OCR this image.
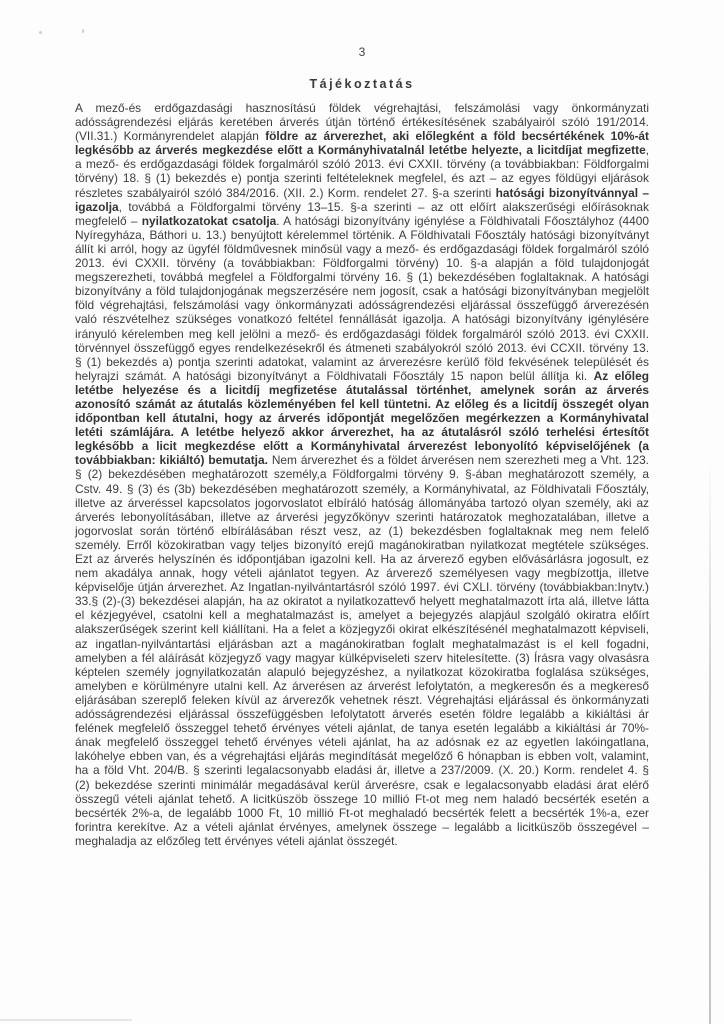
3
Tájékoztatás

A mező-és erdőgazdasági hasznosítású földek végrehajtási, felszámolási vagy önkormányzati adósságrendezési eljárás keretében árverés útján történő értékesítésének szabályairól szóló 191/2014. (VII.31.) Kormányrendelet alapján földre az árverezhet, aki előlegként a föld becsértékének 10%-át legkésőbb az árverés megkezdése előtt a Kormányhivatalnál letétbe helyezte, a licitdíjat megfizette, a mező- és erdőgazdasági földek forgalmáról szóló 2013. évi CXXII. törvény (a továbbiakban: Földforgalmi törvény) 18. § (1) bekezdés e) pontja szerinti feltételeknek megfelel, és azt – az egyes földügyi eljárások részletes szabályairól szóló 384/2016. (XII. 2.) Korm. rendelet 27. §-a szerinti hatósági bizonyítvánnyal – igazolja, továbbá a Földforgalmi törvény 13–15. §-a szerinti – az ott előírt alakszerűségi előírásoknak megfelelő – nyilatkozatokat csatolja. A hatósági bizonyítvány igénylése a Földhivatali Főosztályhoz (4400 Nyíregyháza, Báthori u. 13.) benyújtott kérelemmel történik. A Földhivatali Főosztály hatósági bizonyítványt állít ki arról, hogy az ügyfél földművesnek minősül vagy a mező- és erdőgazdasági földek forgalmáról szóló 2013. évi CXXII. törvény (a továbbiakban: Földforgalmi törvény) 10. §-a alapján a föld tulajdonjogát megszerezheti, továbbá megfelel a Földforgalmi törvény 16. § (1) bekezdésében foglaltaknak. A hatósági bizonyítvány a föld tulajdonjogának megszerzésére nem jogosít, csak a hatósági bizonyítványban megjelölt föld végrehajtási, felszámolási vagy önkormányzati adósságrendezési eljárással összefüggő árverezésén való részvételhez szükséges vonatkozó feltétel fennállását igazolja. A hatósági bizonyítvány igénylésére irányuló kérelemben meg kell jelölni a mező- és erdőgazdasági földek forgalmáról szóló 2013. évi CXXII. törvénnyel összefüggő egyes rendelkezésekről és átmeneti szabályokról szóló 2013. évi CCXII. törvény 13. § (1) bekezdés a) pontja szerinti adatokat, valamint az árverezésre kerülő föld fekvésének települését és helyrajzi számát. A hatósági bizonyítványt a Földhivatali Főosztály 15 napon belül állítja ki. Az előleg letétbe helyezése és a licitdíj megfizetése átutalással történhet, amelynek során az árverés azonosító számát az átutalás közleményében fel kell tüntetni. Az előleg és a licitdíj összegét olyan időpontban kell átutalni, hogy az árverés időpontját megelőzően megérkezzen a Kormányhivatal letéti számlájára. A letétbe helyező akkor árverezhet, ha az átutalásról szóló terhelési értesítőt legkésőbb a licit megkezdése előtt a Kormányhivatal árverezést lebonyolító képviselőjének (a továbbiakban: kikiáltó) bemutatja. Nem árverezhet és a földet árverésen nem szerezheti meg a Vht. 123. § (2) bekezdésében meghatározott személy,a Földforgalmi törvény 9. §-ában meghatározott személy, a Cstv. 49. § (3) és (3b) bekezdésében meghatározott személy, a Kormányhivatal, az Földhivatali Főosztály, illetve az árveréssel kapcsolatos jogorvoslatot elbíráló hatóság állományába tartozó olyan személy, aki az árverés lebonyolításában, illetve az árverési jegyzőkönyv szerinti határozatok meghozatalában, illetve a jogorvoslat során történő elbírálásában részt vesz, az (1) bekezdésben foglaltaknak meg nem felelő személy. Erről közokiratban vagy teljes bizonyító erejű magánokiratban nyilatkozat megtétele szükséges. Ezt az árverés helyszínén és időpontjában igazolni kell. Ha az árverező egyben elővásárlásra jogosult, ez nem akadálya annak, hogy vételi ajánlatot tegyen. Az árverező személyesen vagy megbízottja, illetve képviselője útján árverezhet. Az Ingatlan-nyilvántartásról szóló 1997. évi CXLI. törvény (továbbiakban:Inytv.) 33.§ (2)-(3) bekezdései alapján, ha az okiratot a nyilatkozattevő helyett meghatalmazott írta alá, illetve látta el kézjegyével, csatolni kell a meghatalmazást is, amelyet a bejegyzés alapjául szolgáló okiratra előírt alakszerűségek szerint kell kiállítani. Ha a felet a közjegyzői okirat elkészítésénél meghatalmazott képviseli, az ingatlan-nyilvántartási eljárásban azt a magánokiratban foglalt meghatalmazást is el kell fogadni, amelyben a fél aláírását közjegyző vagy magyar külképviseleti szerv hitelesítette. (3) Írásra vagy olvasásra képtelen személy jognyilatkozatán alapuló bejegyzéshez, a nyilatkozat közokiratba foglalása szükséges, amelyben e körülményre utalni kell. Az árverésen az árverést lefolytatón, a megkeresőn és a megkereső eljárásában szereplő feleken kívül az árverezők vehetnek részt. Végrehajtási eljárással és önkormányzati adósságrendezési eljárással összefüggésben lefolytatott árverés esetén földre legalább a kikiáltási ár felének megfelelő összeggel tehető érvényes vételi ajánlat, de tanya esetén legalább a kikiáltási ár 70%-ának megfelelő összeggel tehető érvényes vételi ajánlat, ha az adósnak ez az egyetlen lakóingatlana, lakóhelye ebben van, és a végrehajtási eljárás megindítását megelőző 6 hónapban is ebben volt, valamint, ha a föld Vht. 204/B. § szerinti legalacsonyabb eladási ár, illetve a 237/2009. (X. 20.) Korm. rendelet 4. § (2) bekezdése szerinti minimálár megadásával kerül árverésre, csak e legalacsonyabb eladási árat elérő összegű vételi ajánlat tehető. A licitküszöb összege 10 millió Ft-ot meg nem haladó becsérték esetén a becsérték 2%-a, de legalább 1000 Ft, 10 millió Ft-ot meghaladó becsérték felett a becsérték 1%-a, ezer forintra kerekítve. Az a vételi ajánlat érvényes, amelynek összege – legalább a licitküszöb összegével – meghaladja az előzőleg tett érvényes vételi ajánlat összegét.
